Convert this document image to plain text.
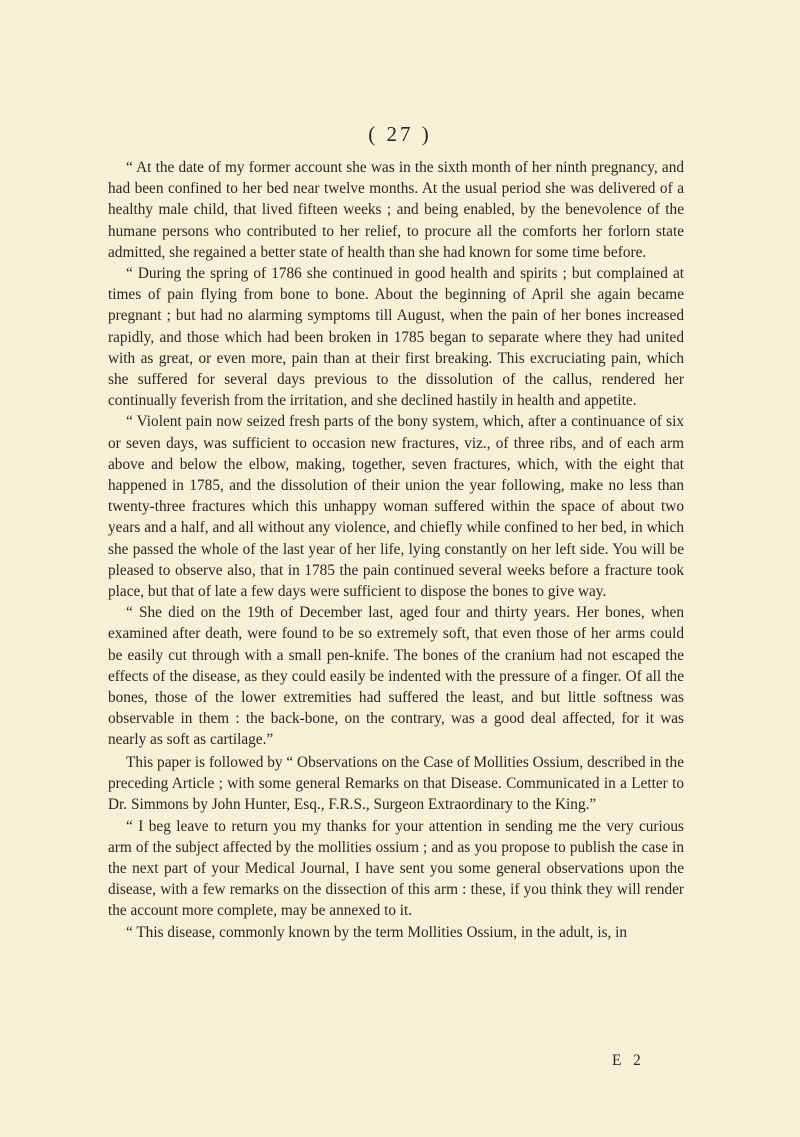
( 27 )

“ At the date of my former account she was in the sixth month of her ninth pregnancy, and had been confined to her bed near twelve months. At the usual period she was delivered of a healthy male child, that lived fifteen weeks ; and being enabled, by the benevolence of the humane persons who contributed to her relief, to procure all the comforts her forlorn state admitted, she regained a better state of health than she had known for some time before.

“ During the spring of 1786 she continued in good health and spirits ; but complained at times of pain flying from bone to bone. About the beginning of April she again became pregnant ; but had no alarming symptoms till August, when the pain of her bones increased rapidly, and those which had been broken in 1785 began to separate where they had united with as great, or even more, pain than at their first breaking. This excruciating pain, which she suffered for several days previous to the dissolution of the callus, rendered her continually feverish from the irritation, and she declined hastily in health and appetite.

“ Violent pain now seized fresh parts of the bony system, which, after a continuance of six or seven days, was sufficient to occasion new fractures, viz., of three ribs, and of each arm above and below the elbow, making, together, seven fractures, which, with the eight that happened in 1785, and the dissolution of their union the year following, make no less than twenty-three fractures which this unhappy woman suffered within the space of about two years and a half, and all without any violence, and chiefly while confined to her bed, in which she passed the whole of the last year of her life, lying constantly on her left side. You will be pleased to observe also, that in 1785 the pain continued several weeks before a fracture took place, but that of late a few days were sufficient to dispose the bones to give way.

“ She died on the 19th of December last, aged four and thirty years. Her bones, when examined after death, were found to be so extremely soft, that even those of her arms could be easily cut through with a small pen-knife. The bones of the cranium had not escaped the effects of the disease, as they could easily be indented with the pressure of a finger. Of all the bones, those of the lower extremities had suffered the least, and but little softness was observable in them : the back-bone, on the contrary, was a good deal affected, for it was nearly as soft as cartilage.”

This paper is followed by “ Observations on the Case of Mollities Ossium, described in the preceding Article ; with some general Remarks on that Disease. Communicated in a Letter to Dr. Simmons by John Hunter, Esq., F.R.S., Surgeon Extraordinary to the King.”

“ I beg leave to return you my thanks for your attention in sending me the very curious arm of the subject affected by the mollities ossium ; and as you propose to publish the case in the next part of your Medical Journal, I have sent you some general observations upon the disease, with a few remarks on the dissection of this arm : these, if you think they will render the account more complete, may be annexed to it.

“ This disease, commonly known by the term Mollities Ossium, in the adult, is, in

E 2
